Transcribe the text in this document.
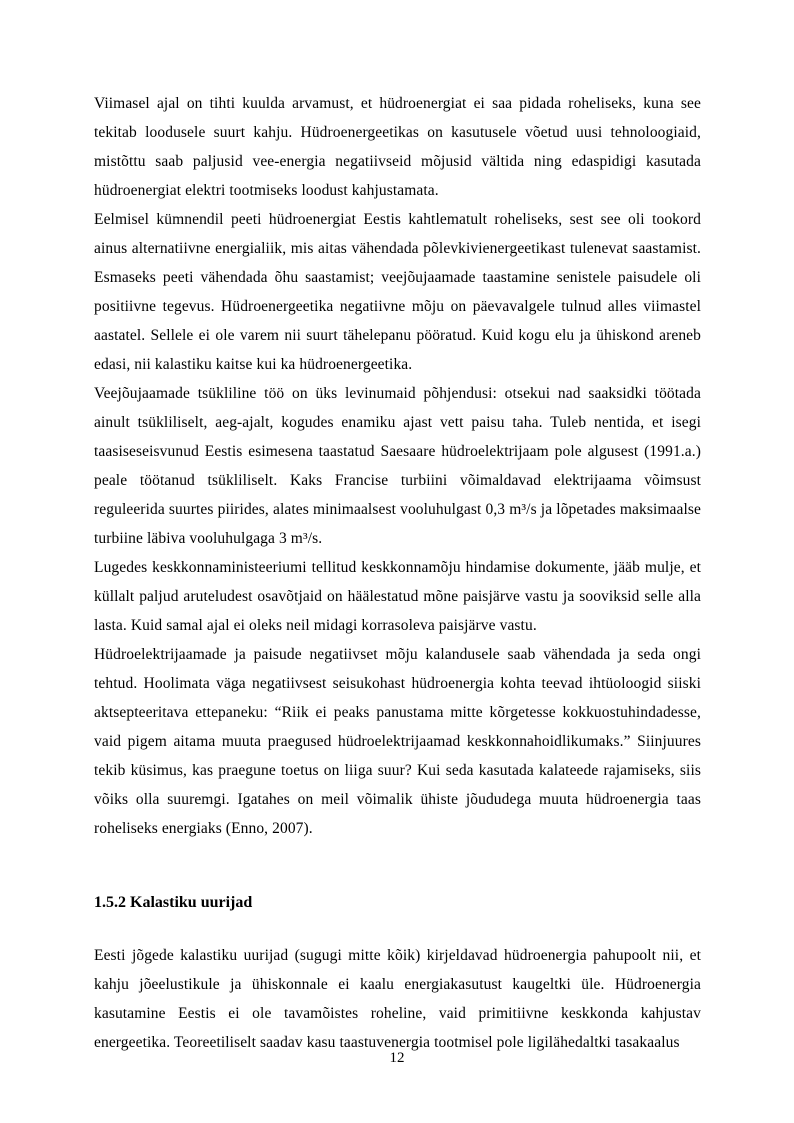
Viimasel ajal on tihti kuulda arvamust, et hüdroenergiat ei saa pidada roheliseks, kuna see tekitab loodusele suurt kahju. Hüdroenergeetikas on kasutusele võetud uusi tehnoloogiaid, mistõttu saab paljusid vee-energia negatiivseid mõjusid vältida ning edaspidigi kasutada hüdroenergiat elektri tootmiseks loodust kahjustamata.

Eelmisel kümnendil peeti hüdroenergiat Eestis kahtlematult roheliseks, sest see oli tookord ainus alternatiivne energialiik, mis aitas vähendada põlevkivienergeetikast tulenevat saastamist. Esmaseks peeti vähendada õhu saastamist; veejõujaamade taastamine senistele paisudele oli positiivne tegevus. Hüdroenergeetika negatiivne mõju on päevavalgele tulnud alles viimastel aastatel. Sellele ei ole varem nii suurt tähelepanu pööratud. Kuid kogu elu ja ühiskond areneb edasi, nii kalastiku kaitse kui ka hüdroenergeetika.

Veejõujaamade tsükliline töö on üks levinumaid põhjendusi: otsekui nad saaksidki töötada ainult tsükliliselt, aeg-ajalt, kogudes enamiku ajast vett paisu taha. Tuleb nentida, et isegi taasiseseisvunud Eestis esimesena taastatud Saesaare hüdroelektrijaam pole algusest (1991.a.) peale töötanud tsükliliselt. Kaks Francise turbiini võimaldavad elektrijaama võimsust reguleerida suurtes piirides, alates minimaalsest vooluhulgast 0,3 m³/s ja lõpetades maksimaalse turbiine läbiva vooluhulgaga 3 m³/s.

Lugedes keskkonnaministeeriumi tellitud keskkonnamõju hindamise dokumente, jääb mulje, et küllalt paljud aruteludest osavõtjaid on häälestatud mõne paisjärve vastu ja sooviksid selle alla lasta. Kuid samal ajal ei oleks neil midagi korrasoleva paisjärve vastu.

Hüdroelektrijaamade ja paisude negatiivset mõju kalandusele saab vähendada ja seda ongi tehtud. Hoolimata väga negatiivsest seisukohast hüdroenergia kohta teevad ihtüoloogid siiski aktsepteeritava ettepaneku: “Riik ei peaks panustama mitte kõrgetesse kokkuostuhindadesse, vaid pigem aitama muuta praegused hüdroelektrijaamad keskkonnahoidlikumaks.” Siinjuures tekib küsimus, kas praegune toetus on liiga suur? Kui seda kasutada kalateede rajamiseks, siis võiks olla suuremgi. Igatahes on meil võimalik ühiste jõududega muuta hüdroenergia taas roheliseks energiaks (Enno, 2007).

1.5.2 Kalastiku uurijad

Eesti jõgede kalastiku uurijad (sugugi mitte kõik) kirjeldavad hüdroenergia pahupoolt nii, et kahju jõeelustikule ja ühiskonnale ei kaalu energiakasutust kaugeltki üle. Hüdroenergia kasutamine Eestis ei ole tavamõistes roheline, vaid primitiivne keskkonda kahjustav energeetika. Teoreetiliselt saadav kasu taastuvenergia tootmisel pole ligilähedaltki tasakaalus

12
